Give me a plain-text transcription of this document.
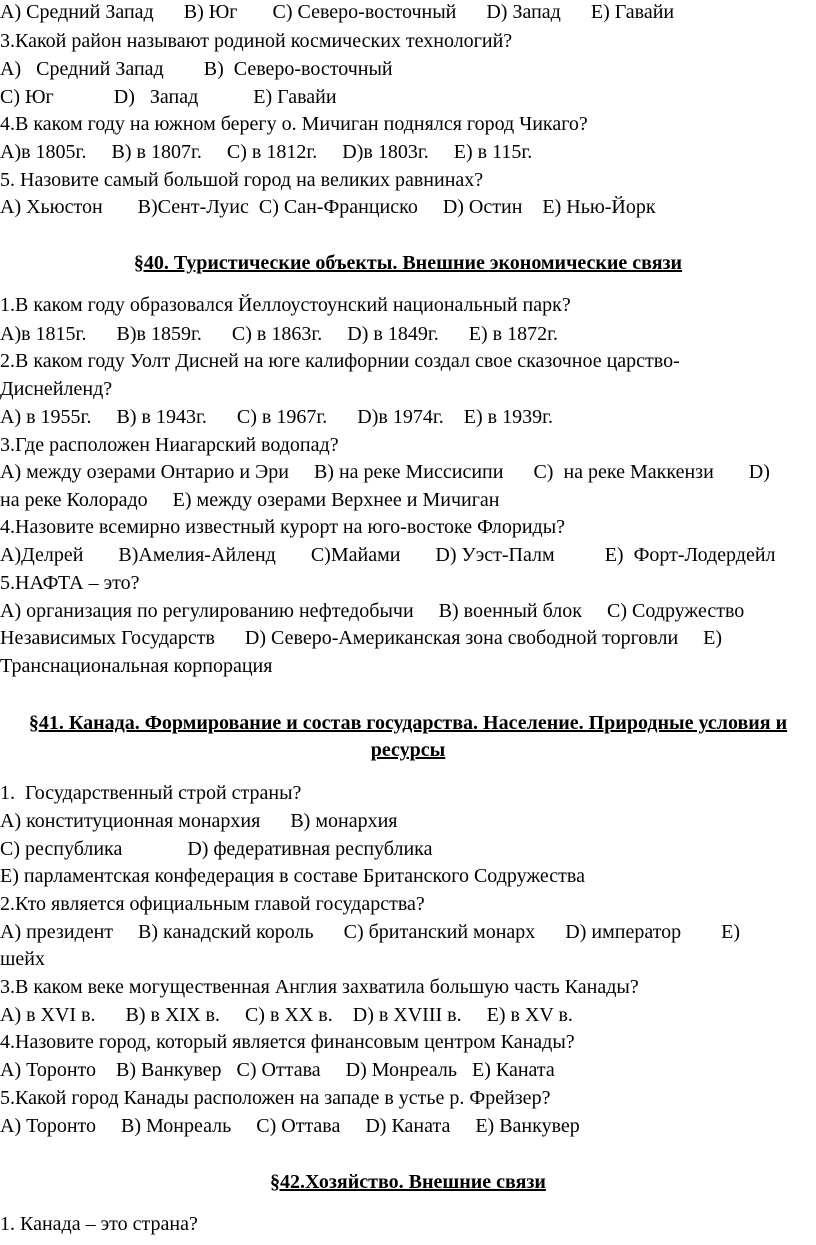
А) Средний Запад      В) Юг       С) Северо-восточный      D) Запад      Е) Гавайи
3.Какой район называют родиной космических технологий?
А)   Средний Запад        В)  Северо-восточный
С) Юг            D)   Запад           Е) Гавайи
4.В каком году на южном берегу о. Мичиган поднялся город Чикаго?
А)в 1805г.     В) в 1807г.     С) в 1812г.     D)в 1803г.     Е) в 115г.
5. Назовите самый большой город на великих равнинах?
А) Хьюстон       В)Сент-Луис  С) Сан-Франциско     D) Остин    Е) Нью-Йорк
§40. Туристические объекты. Внешние экономические связи
1.В каком году образовался Йеллоустоунский национальный парк?
А)в 1815г.      В)в 1859г.      С) в 1863г.     D) в 1849г.      Е) в 1872г.
2.В каком году Уолт Дисней на юге калифорнии создал свое сказочное царство-
Диснейленд?
А) в 1955г.     В) в 1943г.      С) в 1967г.      D)в 1974г.    Е) в 1939г.
3.Где расположен Ниагарский водопад?
А) между озерами Онтарио и Эри     В) на реке Миссисипи      С)  на реке Маккензи       D)
на реке Колорадо     Е) между озерами Верхнее и Мичиган
4.Назовите всемирно известный курорт на юго-востоке Флориды?
А)Делрей       В)Амелия-Айленд       С)Майами       D) Уэст-Палм          Е)  Форт-Лодердейл
5.НАФТА – это?
А) организация по регулированию нефтедобычи     В) военный блок     С) Содружество
Независимых Государств      D) Северо-Американская зона свободной торговли     Е)
Транснациональная корпорация
§41. Канада. Формирование и состав государства. Население. Природные условия и
ресурсы
1.  Государственный строй страны?
А) конституционная монархия      В) монархия
С) республика             D) федеративная республика
Е) парламентская конфедерация в составе Британского Содружества
2.Кто является официальным главой государства?
А) президент     В) канадский король      С) британский монарх      D) император        Е)
шейх
3.В каком веке могущественная Англия захватила большую часть Канады?
А) в XVI в.      В) в XIX в.     С) в XX в.    D) в XVIII в.     Е) в XV в.
4.Назовите город, который является финансовым центром Канады?
А) Торонто    В) Ванкувер   С) Оттава     D) Монреаль   Е) Каната
5.Какой город Канады расположен на западе в устье р. Фрейзер?
А) Торонто     В) Монреаль     С) Оттава     D) Каната     Е) Ванкувер
§42.Хозяйство. Внешние связи
1. Канада – это страна?
